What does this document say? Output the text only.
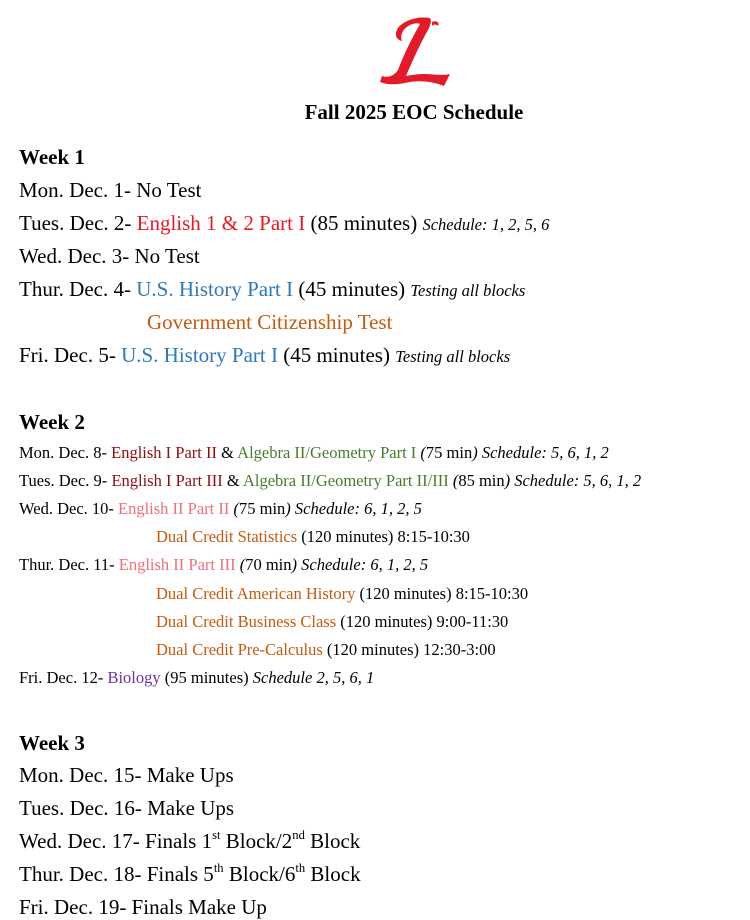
Fall 2025 EOC Schedule
Week 1
Mon. Dec. 1- No Test
Tues. Dec. 2- English 1 & 2 Part I (85 minutes) Schedule: 1, 2, 5, 6
Wed. Dec. 3- No Test
Thur. Dec. 4- U.S. History Part I (45 minutes) Testing all blocks
Government Citizenship Test
Fri. Dec. 5- U.S. History Part I (45 minutes) Testing all blocks
Week 2
Mon. Dec. 8- English I Part II & Algebra II/Geometry Part I (75 min) Schedule: 5, 6, 1, 2
Tues. Dec. 9- English I Part III & Algebra II/Geometry Part II/III (85 min) Schedule: 5, 6, 1, 2
Wed. Dec. 10- English II Part II (75 min) Schedule: 6, 1, 2, 5
Dual Credit Statistics (120 minutes) 8:15-10:30
Thur. Dec. 11- English II Part III (70 min) Schedule: 6, 1, 2, 5
Dual Credit American History (120 minutes) 8:15-10:30
Dual Credit Business Class (120 minutes) 9:00-11:30
Dual Credit Pre-Calculus (120 minutes) 12:30-3:00
Fri. Dec. 12- Biology (95 minutes) Schedule 2, 5, 6, 1
Week 3
Mon. Dec. 15- Make Ups
Tues. Dec. 16- Make Ups
Wed. Dec. 17- Finals 1st Block/2nd Block
Thur. Dec. 18- Finals 5th Block/6th Block
Fri. Dec. 19- Finals Make Up
